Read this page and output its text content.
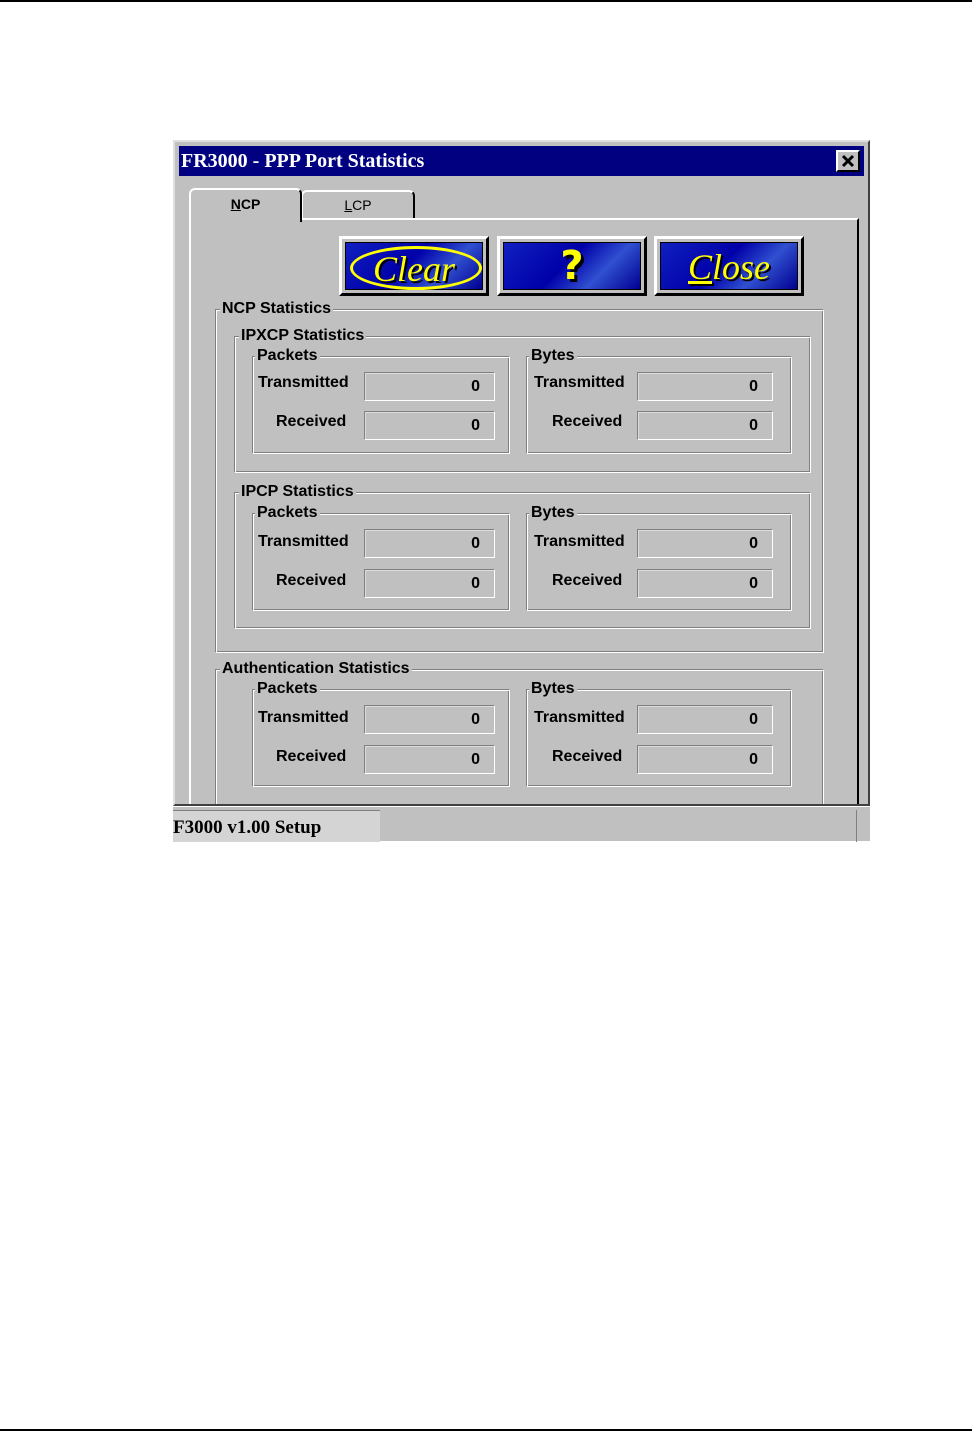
FR3000 - PPP Port Statistics
NCP	LCP
Clear	?	Close
NCP Statistics
IPXCP Statistics
Packets
Transmitted	0
Received	0
Bytes
Transmitted	0
Received	0
IPCP Statistics
Packets
Transmitted	0
Received	0
Bytes
Transmitted	0
Received	0
Authentication Statistics
Packets
Transmitted	0
Received	0
Bytes
Transmitted	0
Received	0
F3000 v1.00 Setup
